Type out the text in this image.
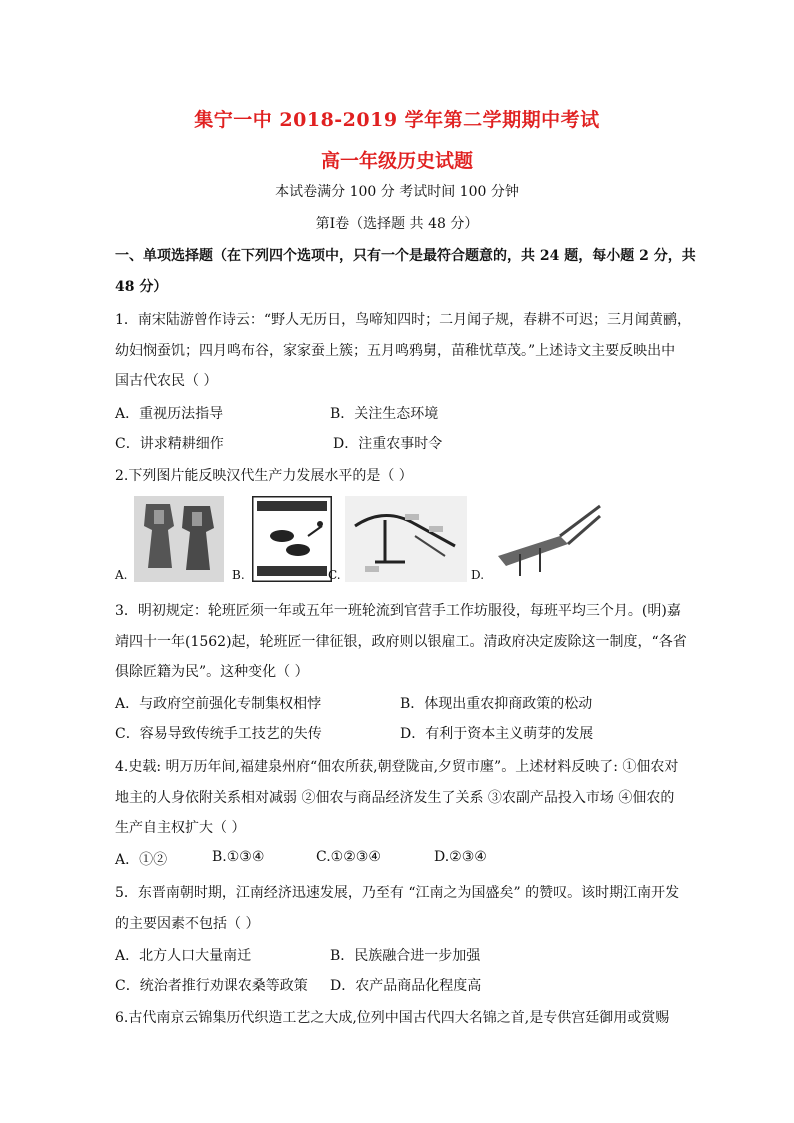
集宁一中 2018-2019 学年第二学期期中考试
高一年级历史试题
本试卷满分 100 分 考试时间 100 分钟
第Ⅰ卷（选择题 共 48 分）
一、单项选择题（在下列四个选项中，只有一个是最符合题意的，共 24 题，每小题 2 分，共
48 分）
1．南宋陆游曾作诗云：“野人无历日，鸟啼知四时；二月闻子规，春耕不可迟；三月闻黄鹂，
幼妇悯蚕饥；四月鸣布谷，家家蚕上簇；五月鸣鸦舅，苗稚忧草茂。”上述诗文主要反映出中
国古代农民（ ）
A．重视历法指导	B．关注生态环境
C．讲求精耕细作	D．注重农事时令
2.下列图片能反映汉代生产力发展水平的是（ ）
A.	B.	C.	D.
3．明初规定：轮班匠须一年或五年一班轮流到官营手工作坊服役，每班平均三个月。(明)嘉
靖四十一年(1562)起，轮班匠一律征银，政府则以银雇工。清政府决定废除这一制度，“各省
俱除匠籍为民”。这种变化（ ）
A．与政府空前强化专制集权相悖	B．体现出重农抑商政策的松动
C．容易导致传统手工技艺的失传	D．有利于资本主义萌芽的发展
4.史载: 明万历年间,福建泉州府“佃农所获,朝登陇亩,夕贸市廛”。上述材料反映了: ①佃农对
地主的人身依附关系相对减弱 ②佃农与商品经济发生了关系 ③农副产品投入市场 ④佃农的
生产自主权扩大（ ）
A．①②	B.①③④	C.①②③④	D.②③④
5．东晋南朝时期，江南经济迅速发展，乃至有 “江南之为国盛矣” 的赞叹。该时期江南开发
的主要因素不包括（ ）
A．北方人口大量南迁	B．民族融合进一步加强
C．统治者推行劝课农桑等政策 D．农产品商品化程度高
6.古代南京云锦集历代织造工艺之大成,位列中国古代四大名锦之首,是专供宫廷御用或赏赐
